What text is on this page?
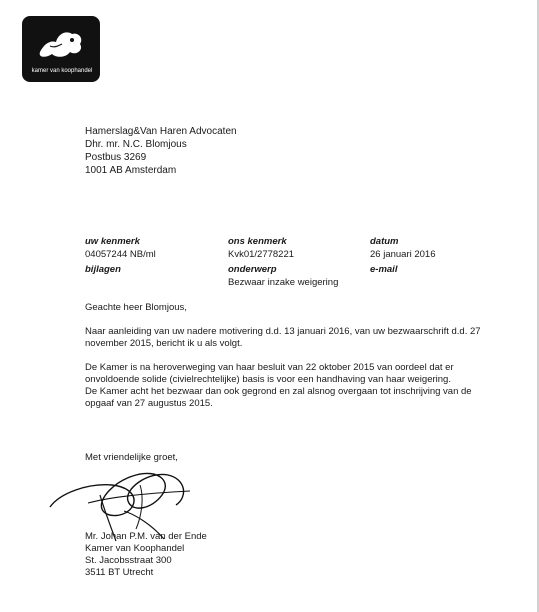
kamer van koophandel
Hamerslag&Van Haren Advocaten
Dhr. mr. N.C. Blomjous
Postbus 3269
1001 AB Amsterdam
uw kenmerk
04057244 NB/ml
ons kenmerk
Kvk01/2778221
datum
26 januari 2016
bijlagen	onderwerp
Bezwaar inzake weigering
e-mail
Geachte heer Blomjous,
Naar aanleiding van uw nadere motivering d.d. 13 januari 2016, van uw bezwaarschrift d.d. 27
november 2015, bericht ik u als volgt.
De Kamer is na heroverweging van haar besluit van 22 oktober 2015 van oordeel dat er
onvoldoende solide (civielrechtelijke) basis is voor een handhaving van haar weigering.
De Kamer acht het bezwaar dan ook gegrond en zal alsnog overgaan tot inschrijving van de
opgaaf van 27 augustus 2015.
Met vriendelijke groet,
Mr. Johan P.M. van der Ende
Kamer van Koophandel
St. Jacobsstraat 300
3511 BT Utrecht
